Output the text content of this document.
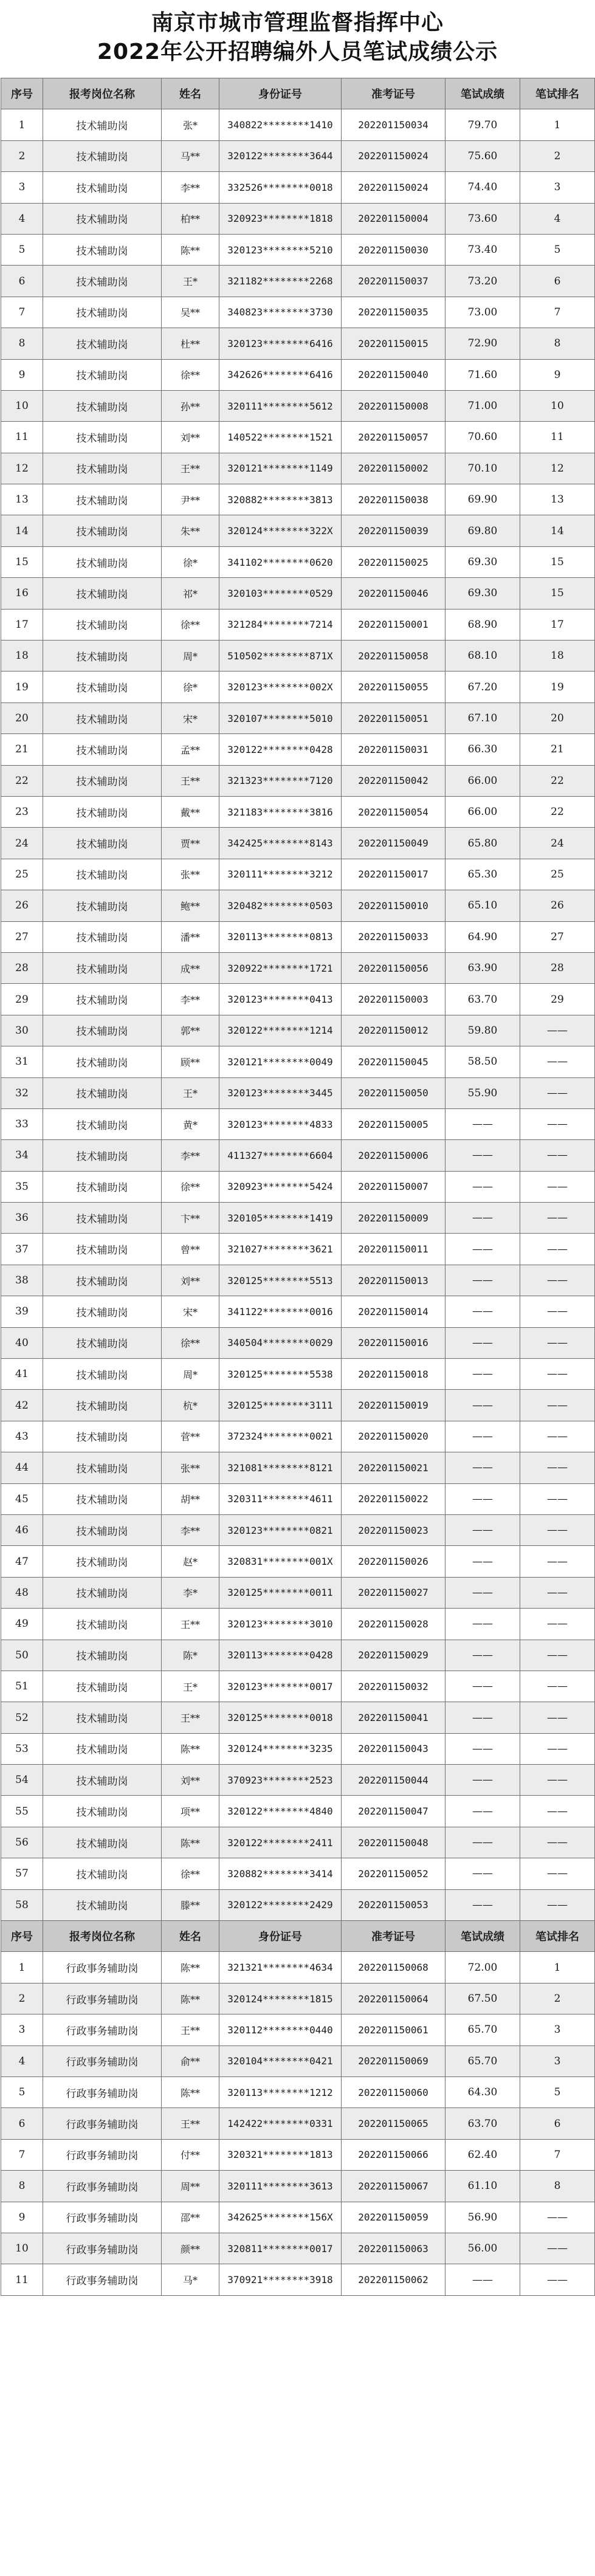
南京市城市管理监督指挥中心
2022年公开招聘编外人员笔试成绩公示
序号	报考岗位名称	姓名	身份证号	准考证号	笔试成绩	笔试排名
1	技术辅助岗	张*	340822********1410	202201150034	79.70	1
2	技术辅助岗	马**	320122********3644	202201150024	75.60	2
3	技术辅助岗	李**	332526********0018	202201150024	74.40	3
4	技术辅助岗	柏**	320923********1818	202201150004	73.60	4
5	技术辅助岗	陈**	320123********5210	202201150030	73.40	5
6	技术辅助岗	王*	321182********2268	202201150037	73.20	6
7	技术辅助岗	吴**	340823********3730	202201150035	73.00	7
8	技术辅助岗	杜**	320123********6416	202201150015	72.90	8
9	技术辅助岗	徐**	342626********6416	202201150040	71.60	9
10	技术辅助岗	孙**	320111********5612	202201150008	71.00	10
11	技术辅助岗	刘**	140522********1521	202201150057	70.60	11
12	技术辅助岗	王**	320121********1149	202201150002	70.10	12
13	技术辅助岗	尹**	320882********3813	202201150038	69.90	13
14	技术辅助岗	朱**	320124********322X	202201150039	69.80	14
15	技术辅助岗	徐*	341102********0620	202201150025	69.30	15
16	技术辅助岗	祁*	320103********0529	202201150046	69.30	15
17	技术辅助岗	徐**	321284********7214	202201150001	68.90	17
18	技术辅助岗	周*	510502********871X	202201150058	68.10	18
19	技术辅助岗	徐*	320123********002X	202201150055	67.20	19
20	技术辅助岗	宋*	320107********5010	202201150051	67.10	20
21	技术辅助岗	孟**	320122********0428	202201150031	66.30	21
22	技术辅助岗	王**	321323********7120	202201150042	66.00	22
23	技术辅助岗	戴**	321183********3816	202201150054	66.00	22
24	技术辅助岗	贾**	342425********8143	202201150049	65.80	24
25	技术辅助岗	张**	320111********3212	202201150017	65.30	25
26	技术辅助岗	鲍**	320482********0503	202201150010	65.10	26
27	技术辅助岗	潘**	320113********0813	202201150033	64.90	27
28	技术辅助岗	成**	320922********1721	202201150056	63.90	28
29	技术辅助岗	李**	320123********0413	202201150003	63.70	29
30	技术辅助岗	郭**	320122********1214	202201150012	59.80	——
31	技术辅助岗	顾**	320121********0049	202201150045	58.50	——
32	技术辅助岗	王*	320123********3445	202201150050	55.90	——
33	技术辅助岗	黄*	320123********4833	202201150005	——	——
34	技术辅助岗	李**	411327********6604	202201150006	——	——
35	技术辅助岗	徐**	320923********5424	202201150007	——	——
36	技术辅助岗	卞**	320105********1419	202201150009	——	——
37	技术辅助岗	曾**	321027********3621	202201150011	——	——
38	技术辅助岗	刘**	320125********5513	202201150013	——	——
39	技术辅助岗	宋*	341122********0016	202201150014	——	——
40	技术辅助岗	徐**	340504********0029	202201150016	——	——
41	技术辅助岗	周*	320125********5538	202201150018	——	——
42	技术辅助岗	杭*	320125********3111	202201150019	——	——
43	技术辅助岗	菅**	372324********0021	202201150020	——	——
44	技术辅助岗	张**	321081********8121	202201150021	——	——
45	技术辅助岗	胡**	320311********4611	202201150022	——	——
46	技术辅助岗	李**	320123********0821	202201150023	——	——
47	技术辅助岗	赵*	320831********001X	202201150026	——	——
48	技术辅助岗	李*	320125********0011	202201150027	——	——
49	技术辅助岗	王**	320123********3010	202201150028	——	——
50	技术辅助岗	陈*	320113********0428	202201150029	——	——
51	技术辅助岗	王*	320123********0017	202201150032	——	——
52	技术辅助岗	王**	320125********0018	202201150041	——	——
53	技术辅助岗	陈**	320124********3235	202201150043	——	——
54	技术辅助岗	刘**	370923********2523	202201150044	——	——
55	技术辅助岗	项**	320122********4840	202201150047	——	——
56	技术辅助岗	陈**	320122********2411	202201150048	——	——
57	技术辅助岗	徐**	320882********3414	202201150052	——	——
58	技术辅助岗	滕**	320122********2429	202201150053	——	——
序号	报考岗位名称	姓名	身份证号	准考证号	笔试成绩	笔试排名
1	行政事务辅助岗	陈**	321321********4634	202201150068	72.00	1
2	行政事务辅助岗	陈**	320124********1815	202201150064	67.50	2
3	行政事务辅助岗	王**	320112********0440	202201150061	65.70	3
4	行政事务辅助岗	俞**	320104********0421	202201150069	65.70	3
5	行政事务辅助岗	陈**	320113********1212	202201150060	64.30	5
6	行政事务辅助岗	王**	142422********0331	202201150065	63.70	6
7	行政事务辅助岗	付**	320321********1813	202201150066	62.40	7
8	行政事务辅助岗	周**	320111********3613	202201150067	61.10	8
9	行政事务辅助岗	邵**	342625********156X	202201150059	56.90	——
10	行政事务辅助岗	颜**	320811********0017	202201150063	56.00	——
11	行政事务辅助岗	马*	370921********3918	202201150062	——	——
